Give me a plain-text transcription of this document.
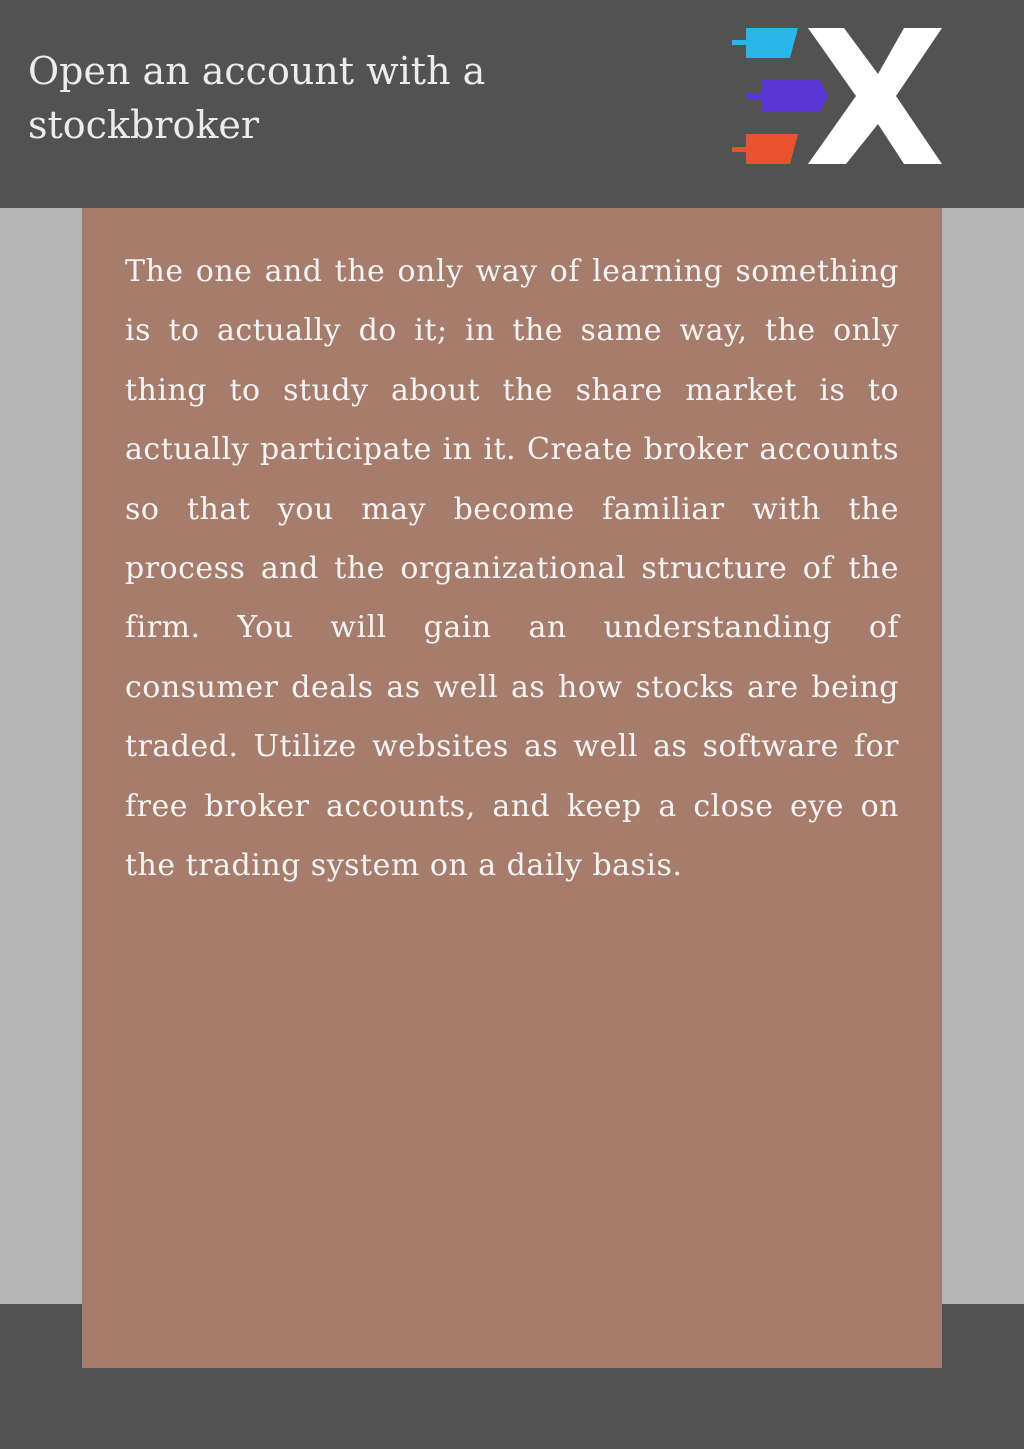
Open an account with a stockbroker

The one and the only way of learning something is to actually do it; in the same way, the only thing to study about the share market is to actually participate in it. Create broker accounts so that you may become familiar with the process and the organizational structure of the firm. You will gain an understanding of consumer deals as well as how stocks are being traded. Utilize websites as well as software for free broker accounts, and keep a close eye on the trading system on a daily basis.
